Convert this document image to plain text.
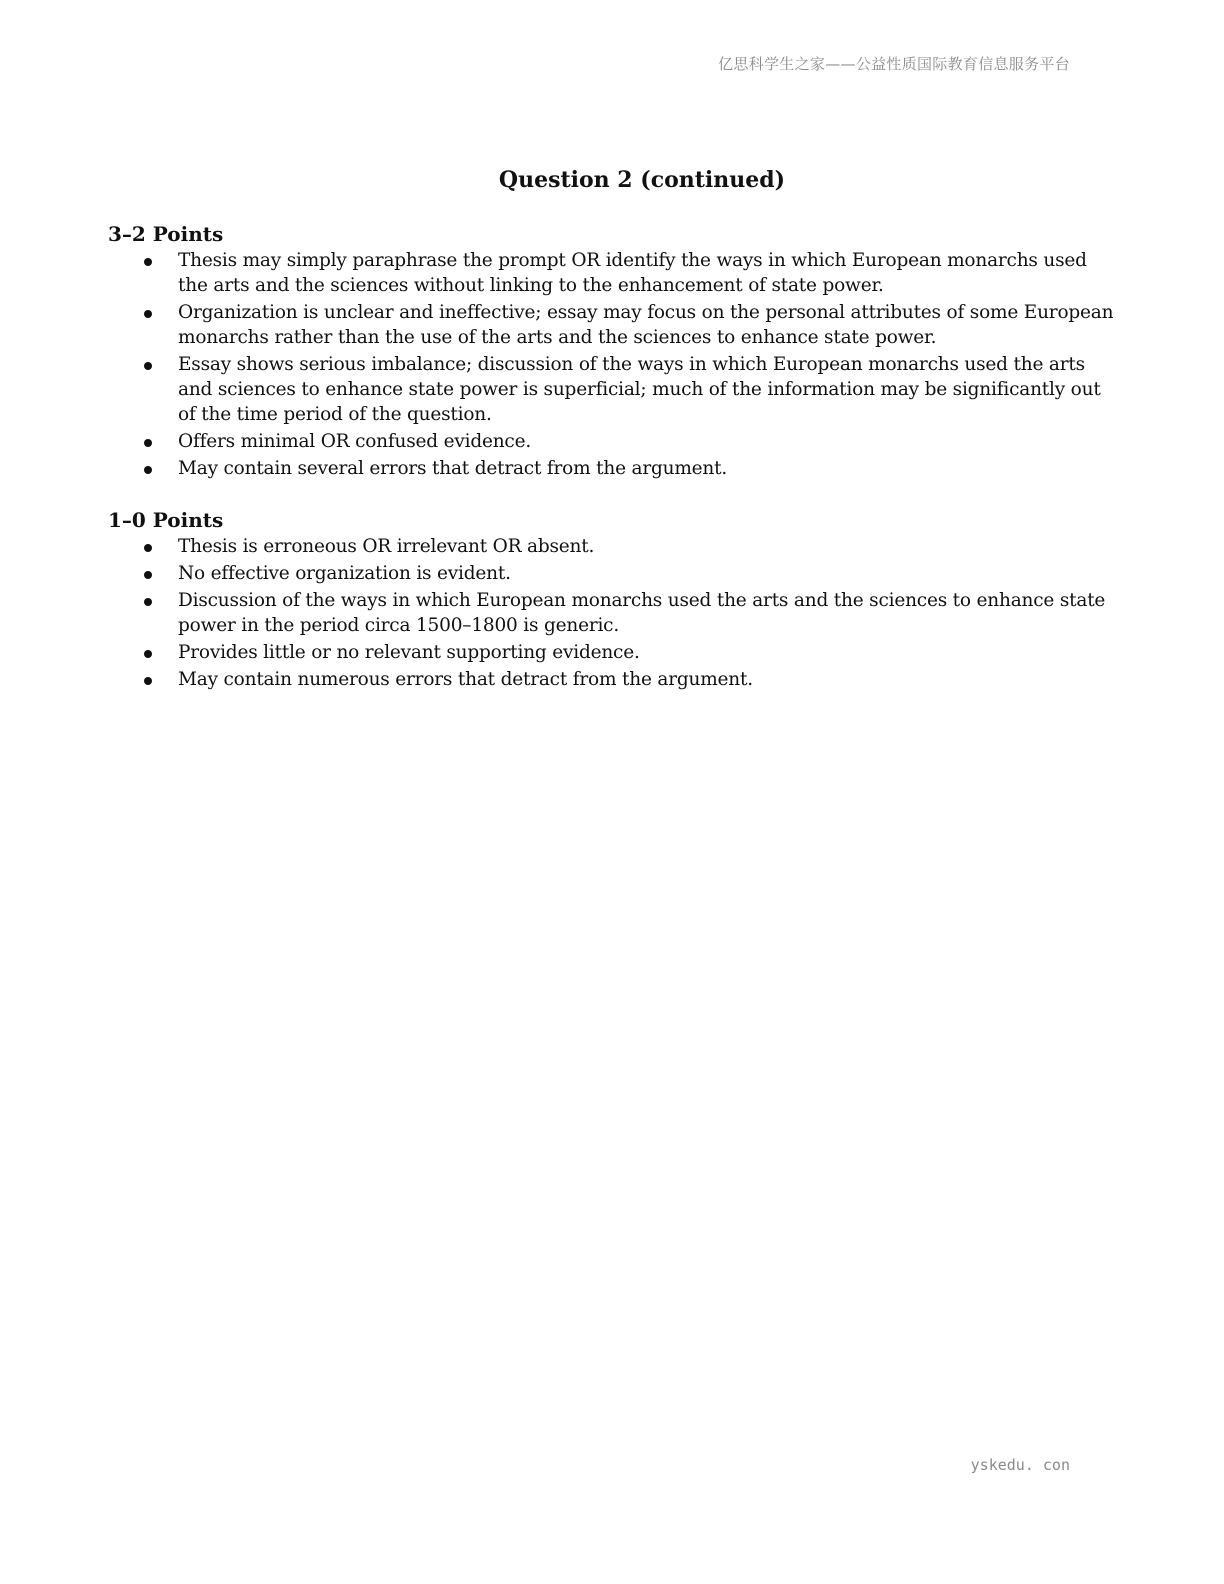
亿思科学生之家——公益性质国际教育信息服务平台
Question 2 (continued)
3–2 Points
Thesis may simply paraphrase the prompt OR identify the ways in which European monarchs used the arts and the sciences without linking to the enhancement of state power.
Organization is unclear and ineffective; essay may focus on the personal attributes of some European monarchs rather than the use of the arts and the sciences to enhance state power.
Essay shows serious imbalance; discussion of the ways in which European monarchs used the arts and sciences to enhance state power is superficial; much of the information may be significantly out of the time period of the question.
Offers minimal OR confused evidence.
May contain several errors that detract from the argument.
1–0 Points
Thesis is erroneous OR irrelevant OR absent.
No effective organization is evident.
Discussion of the ways in which European monarchs used the arts and the sciences to enhance state power in the period circa 1500–1800 is generic.
Provides little or no relevant supporting evidence.
May contain numerous errors that detract from the argument.
yskedu. con
